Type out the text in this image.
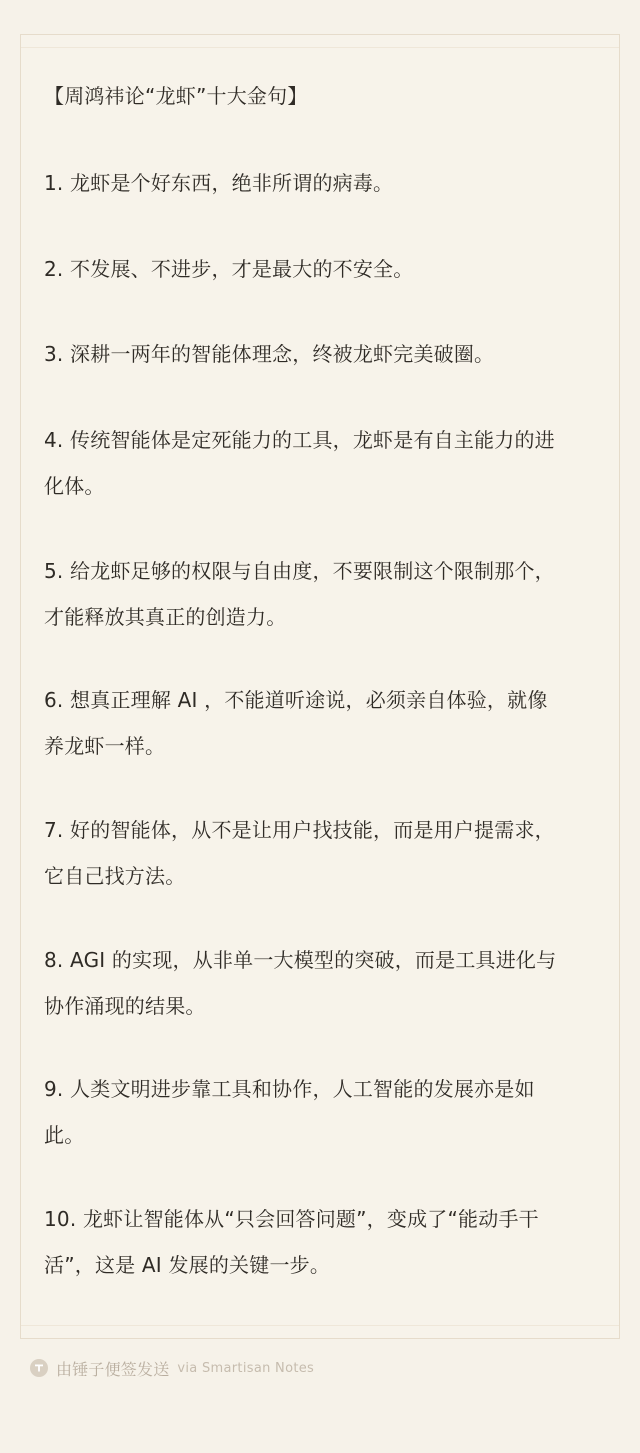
【周鸿祎论“龙虾”十大金句】
1. 龙虾是个好东西，绝非所谓的病毒。
2. 不发展、不进步，才是最大的不安全。
3. 深耕一两年的智能体理念，终被龙虾完美破圈。
4. 传统智能体是定死能力的工具，龙虾是有自主能力的进化体。
5. 给龙虾足够的权限与自由度，不要限制这个限制那个，才能释放其真正的创造力。
6. 想真正理解 AI ，不能道听途说，必须亲自体验，就像养龙虾一样。
7. 好的智能体，从不是让用户找技能，而是用户提需求，它自己找方法。
8. AGI 的实现，从非单一大模型的突破，而是工具进化与协作涌现的结果。
9. 人类文明进步靠工具和协作，人工智能的发展亦是如此。
10. 龙虾让智能体从“只会回答问题”，变成了“能动手干活”，这是 AI 发展的关键一步。
由锤子便签发送 via Smartisan Notes
